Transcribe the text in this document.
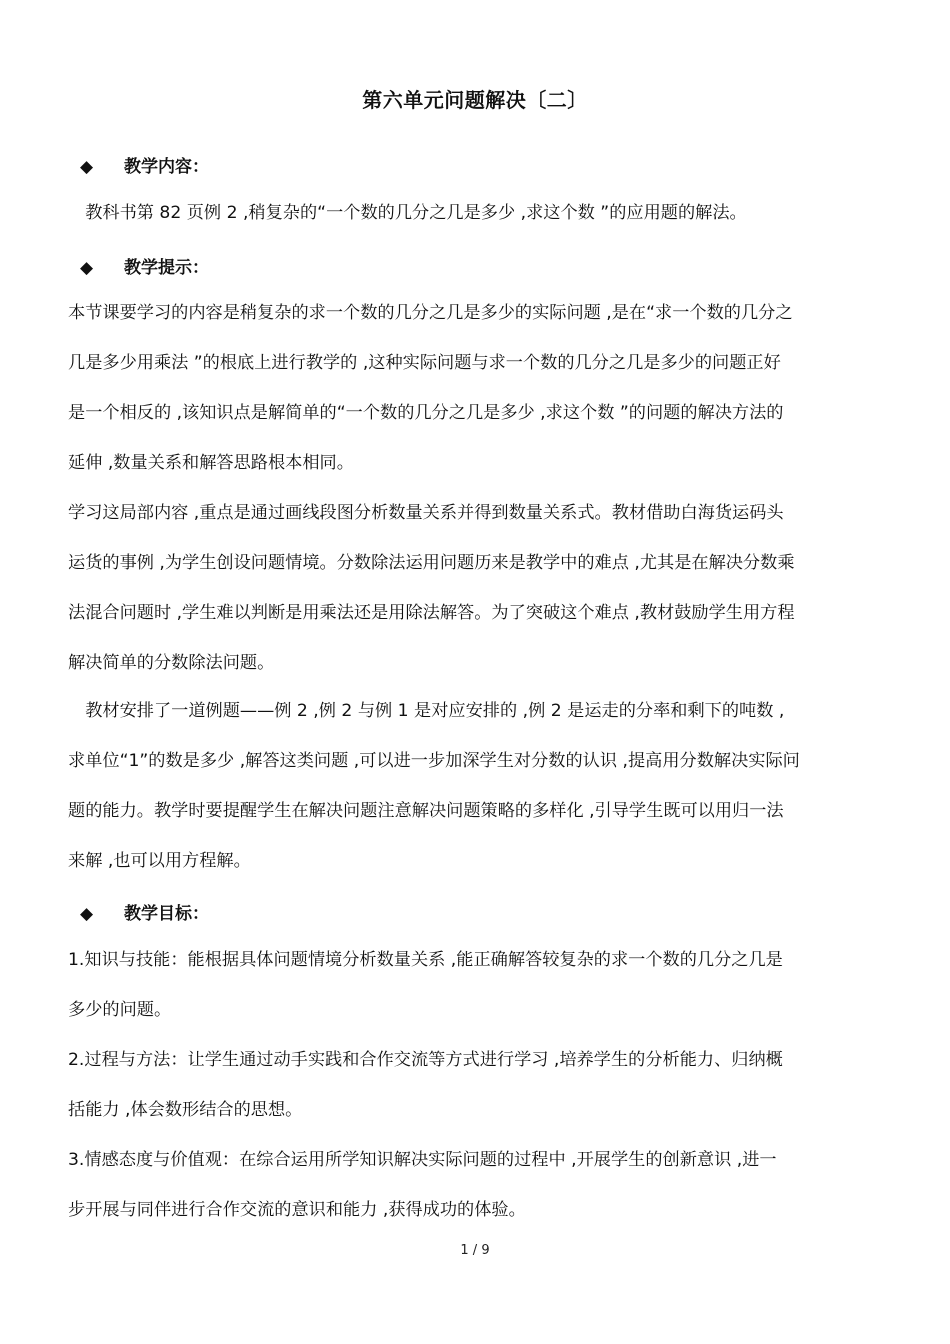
第六单元问题解决〔二〕
◆ 教学内容：
　教科书第 82 页例 2 ,稍复杂的“一个数的几分之几是多少 ,求这个数 ”的应用题的解法。
◆ 教学提示：
本节课要学习的内容是稍复杂的求一个数的几分之几是多少的实际问题 ,是在“求一个数的几分之
几是多少用乘法 ”的根底上进行教学的 ,这种实际问题与求一个数的几分之几是多少的问题正好
是一个相反的 ,该知识点是解简单的“一个数的几分之几是多少 ,求这个数 ”的问题的解决方法的
延伸 ,数量关系和解答思路根本相同。
学习这局部内容 ,重点是通过画线段图分析数量关系并得到数量关系式。教材借助白海货运码头
运货的事例 ,为学生创设问题情境。分数除法运用问题历来是教学中的难点 ,尤其是在解决分数乘
法混合问题时 ,学生难以判断是用乘法还是用除法解答。为了突破这个难点 ,教材鼓励学生用方程
解决简单的分数除法问题。
　教材安排了一道例题——例 2 ,例 2 与例 1 是对应安排的 ,例 2 是运走的分率和剩下的吨数 ,
求单位“1”的数是多少 ,解答这类问题 ,可以进一步加深学生对分数的认识 ,提高用分数解决实际问
题的能力。教学时要提醒学生在解决问题注意解决问题策略的多样化 ,引导学生既可以用归一法
来解 ,也可以用方程解。
◆ 教学目标：
1.知识与技能：能根据具体问题情境分析数量关系 ,能正确解答较复杂的求一个数的几分之几是
多少的问题。
2.过程与方法：让学生通过动手实践和合作交流等方式进行学习 ,培养学生的分析能力、归纳概
括能力 ,体会数形结合的思想。
3.情感态度与价值观：在综合运用所学知识解决实际问题的过程中 ,开展学生的创新意识 ,进一
步开展与同伴进行合作交流的意识和能力 ,获得成功的体验。
1 / 9
